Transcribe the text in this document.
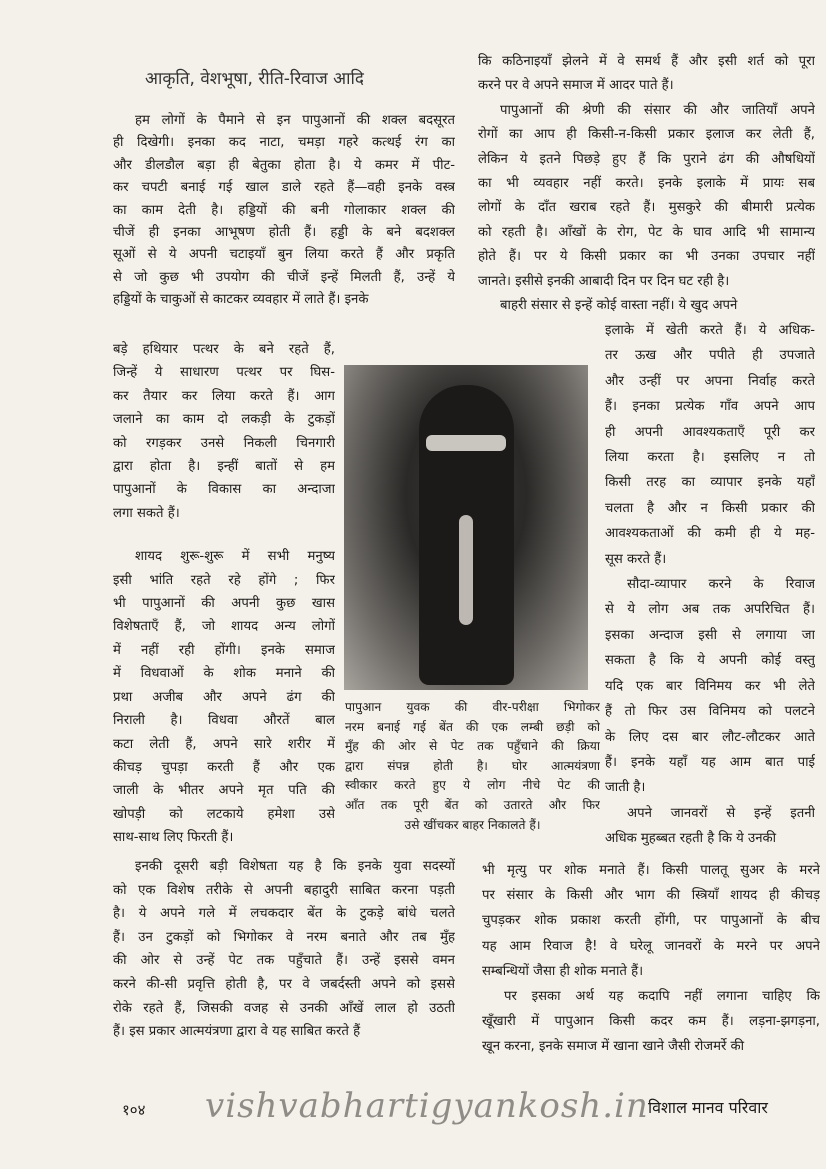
आकृति, वेशभूषा, रीति-रिवाज आदि
हम लोगों के पैमाने से इन पापुआनों की शक्ल बदसूरत
ही दिखेगी। इनका कद नाटा, चमड़ा गहरे कत्थई रंग का
और डीलडौल बड़ा ही बेतुका होता है। ये कमर में पीट-
कर चपटी बनाई गई खाल डाले रहते हैं—वही इनके वस्त्र
का काम देती है। हड्डियों की बनी गोलाकार शक्ल की
चीजें ही इनका आभूषण होती हैं। हड्डी के बने बदशक्ल
सूओं से ये अपनी चटाइयाँ बुन लिया करते हैं और प्रकृति
से जो कुछ भी उपयोग की चीजें इन्हें मिलती हैं, उन्हें ये
हड्डियों के चाकुओं से काटकर व्यवहार में लाते हैं। इनके
बड़े हथियार पत्थर के बने रहते हैं,
जिन्हें ये साधारण पत्थर पर घिस-
कर तैयार कर लिया करते हैं। आग
जलाने का काम दो लकड़ी के टुकड़ों
को रगड़कर उनसे निकली चिनगारी
द्वारा होता है। इन्हीं बातों से हम
पापुआनों के विकास का अन्दाजा
लगा सकते हैं।
शायद शुरू-शुरू में सभी मनुष्य
इसी भांति रहते रहे होंगे ; फिर
भी पापुआनों की अपनी कुछ खास
विशेषताएँ हैं, जो शायद अन्य लोगों
में नहीं रही होंगी। इनके समाज
में विधवाओं के शोक मनाने की
प्रथा अजीब और अपने ढंग की
निराली है। विधवा औरतें बाल
कटा लेती हैं, अपने सारे शरीर में
कीचड़ चुपड़ा करती हैं और एक
जाली के भीतर अपने मृत पति की
खोपड़ी को लटकाये हमेशा उसे
साथ-साथ लिए फिरती हैं।
इनकी दूसरी बड़ी विशेषता यह है कि इनके युवा सदस्यों
को एक विशेष तरीके से अपनी बहादुरी साबित करना पड़ती
है। ये अपने गले में लचकदार बेंत के टुकड़े बांधे चलते
हैं। उन टुकड़ों को भिगोकर वे नरम बनाते और तब मुँह
की ओर से उन्हें पेट तक पहुँचाते हैं। उन्हें इससे वमन
करने की-सी प्रवृत्ति होती है, पर वे जबर्दस्ती अपने को इससे
रोके रहते हैं, जिसकी वजह से उनकी आँखें लाल हो उठती
हैं। इस प्रकार आत्मयंत्रणा द्वारा वे यह साबित करते हैं
कि कठिनाइयाँ झेलने में वे समर्थ हैं और इसी शर्त को पूरा
करने पर वे अपने समाज में आदर पाते हैं।
पापुआनों की श्रेणी की संसार की और जातियाँ अपने
रोगों का आप ही किसी-न-किसी प्रकार इलाज कर लेती हैं,
लेकिन ये इतने पिछड़े हुए हैं कि पुराने ढंग की औषधियों
का भी व्यवहार नहीं करते। इनके इलाके में प्रायः सब
लोगों के दाँत खराब रहते हैं। मुसकुरे की बीमारी प्रत्येक
को रहती है। आँखों के रोग, पेट के घाव आदि भी सामान्य
होते हैं। पर ये किसी प्रकार का भी उनका उपचार नहीं
जानते। इसीसे इनकी आबादी दिन पर दिन घट रही है।
बाहरी संसार से इन्हें कोई वास्ता नहीं। ये खुद अपने
इलाके में खेती करते हैं। ये अधिक-
तर ऊख और पपीते ही उपजाते
और उन्हीं पर अपना निर्वाह करते
हैं। इनका प्रत्येक गाँव अपने आप
ही अपनी आवश्यकताएँ पूरी कर
लिया करता है। इसलिए न तो
किसी तरह का व्यापार इनके यहाँ
चलता है और न किसी प्रकार की
आवश्यकताओं की कमी ही ये मह-
सूस करते हैं।
सौदा-व्यापार करने के रिवाज
से ये लोग अब तक अपरिचित हैं।
इसका अन्दाज इसी से लगाया जा
सकता है कि ये अपनी कोई वस्तु
यदि एक बार विनिमय कर भी लेते
हैं तो फिर उस विनिमय को पलटने
के लिए दस बार लौट-लौटकर आते
हैं। इनके यहाँ यह आम बात पाई
जाती है।
अपने जानवरों से इन्हें इतनी
अधिक मुहब्बत रहती है कि ये उनकी
भी मृत्यु पर शोक मनाते हैं। किसी पालतू सुअर के मरने
पर संसार के किसी और भाग की स्त्रियाँ शायद ही कीचड़
चुपड़कर शोक प्रकाश करती होंगी, पर पापुआनों के बीच
यह आम रिवाज है! वे घरेलू जानवरों के मरने पर अपने
सम्बन्धियों जैसा ही शोक मनाते हैं।
पर इसका अर्थ यह कदापि नहीं लगाना चाहिए कि
खूँखारी में पापुआन किसी कदर कम हैं। लड़ना-झगड़ना,
खून करना, इनके समाज में खाना खाने जैसी रोजमर्रे की
पापुआन युवक की वीर-परीक्षा भिगोकर
नरम बनाई गई बेंत की एक लम्बी छड़ी को
मुँह की ओर से पेट तक पहुँचाने की क्रिया
द्वारा संपन्न होती है। घोर आत्मयंत्रणा
स्वीकार करते हुए ये लोग नीचे पेट की
आँत तक पूरी बेंत को उतारते और फिर
उसे खींचकर बाहर निकालते हैं।
१०४ vishvabhartigyankosh.in विशाल मानव परिवार
